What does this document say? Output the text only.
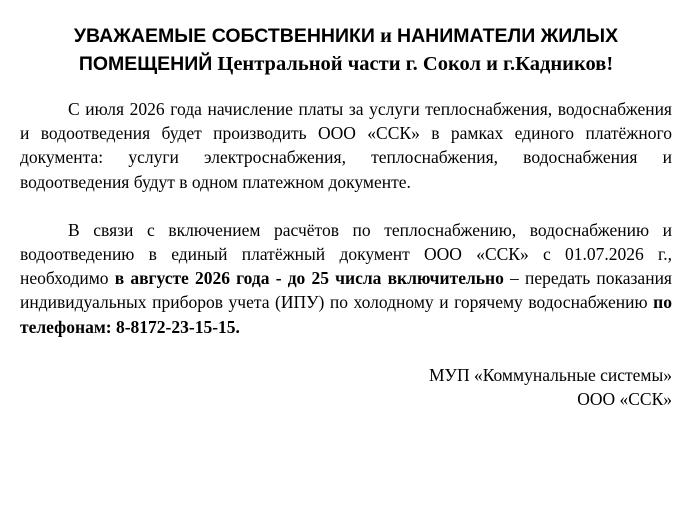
УВАЖАЕМЫЕ СОБСТВЕННИКИ и НАНИМАТЕЛИ ЖИЛЫХ ПОМЕЩЕНИЙ Центральной части г. Сокол и г.Кадников!

С июля 2026 года начисление платы за услуги теплоснабжения, водоснабжения и водоотведения будет производить ООО «ССК» в рамках единого платёжного документа: услуги электроснабжения, теплоснабжения, водоснабжения и водоотведения будут в одном платежном документе.

В связи с включением расчётов по теплоснабжению, водоснабжению и водоотведению в единый платёжный документ ООО «ССК» с 01.07.2026 г., необходимо в августе 2026 года - до 25 числа включительно – передать показания индивидуальных приборов учета (ИПУ) по холодному и горячему водоснабжению по телефонам: 8-8172-23-15-15.

МУП «Коммунальные системы»
ООО «ССК»
